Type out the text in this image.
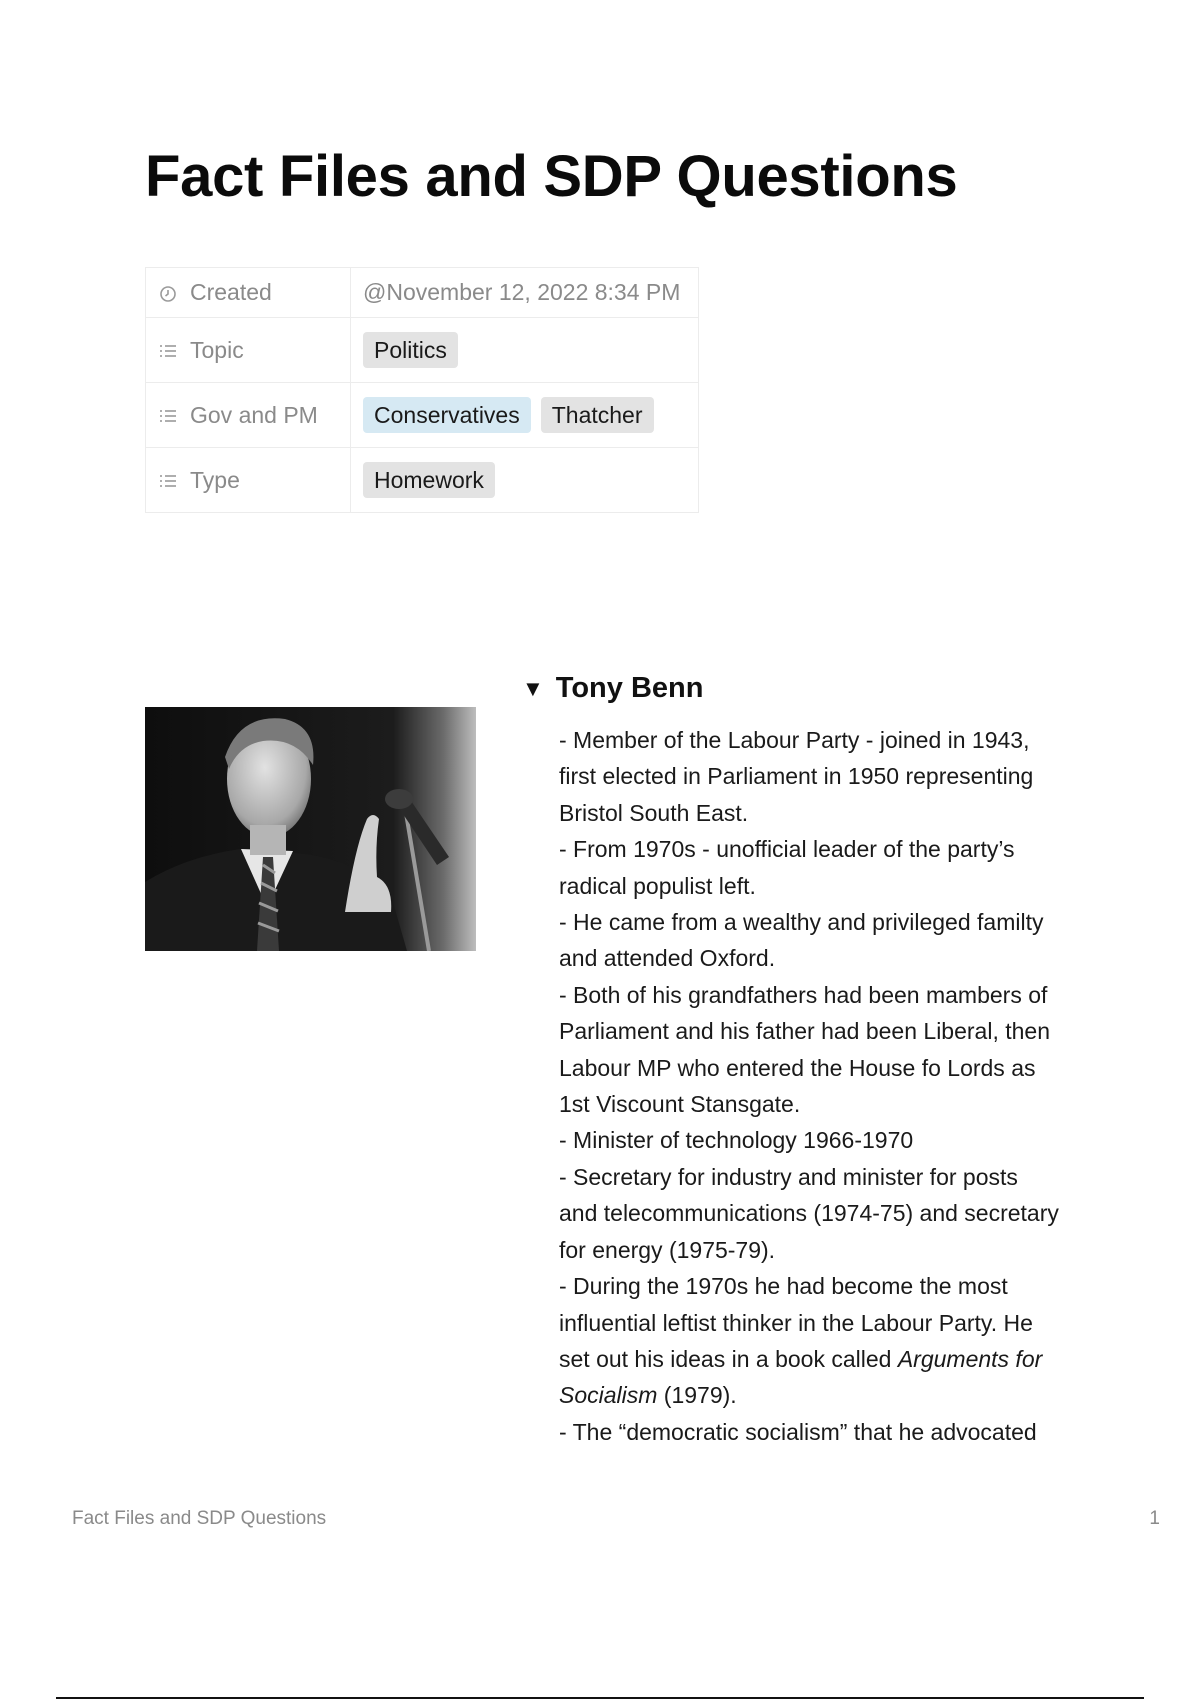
Fact Files and SDP Questions
Created	@November 12, 2022 8:34 PM

Topic	Politics

Gov and PM	Conservatives Thatcher

Type	Homework
▼ Tony Benn

- Member of the Labour Party - joined in 1943,

first elected in Parliament in 1950 representing

Bristol South East.

- From 1970s - unofficial leader of the party’s

radical populist left.

- He came from a wealthy and privileged familty

and attended Oxford.

- Both of his grandfathers had been mambers of

Parliament and his father had been Liberal, then

Labour MP who entered the House fo Lords as

1st Viscount Stansgate.

- Minister of technology 1966-1970

- Secretary for industry and minister for posts

and telecommunications (1974-75) and secretary

for energy (1975-79).

- During the 1970s he had become the most

influential leftist thinker in the Labour Party. He

set out his ideas in a book called Arguments for

Socialism (1979).

- The “democratic socialism” that he advocated

Fact Files and SDP Questions	1
